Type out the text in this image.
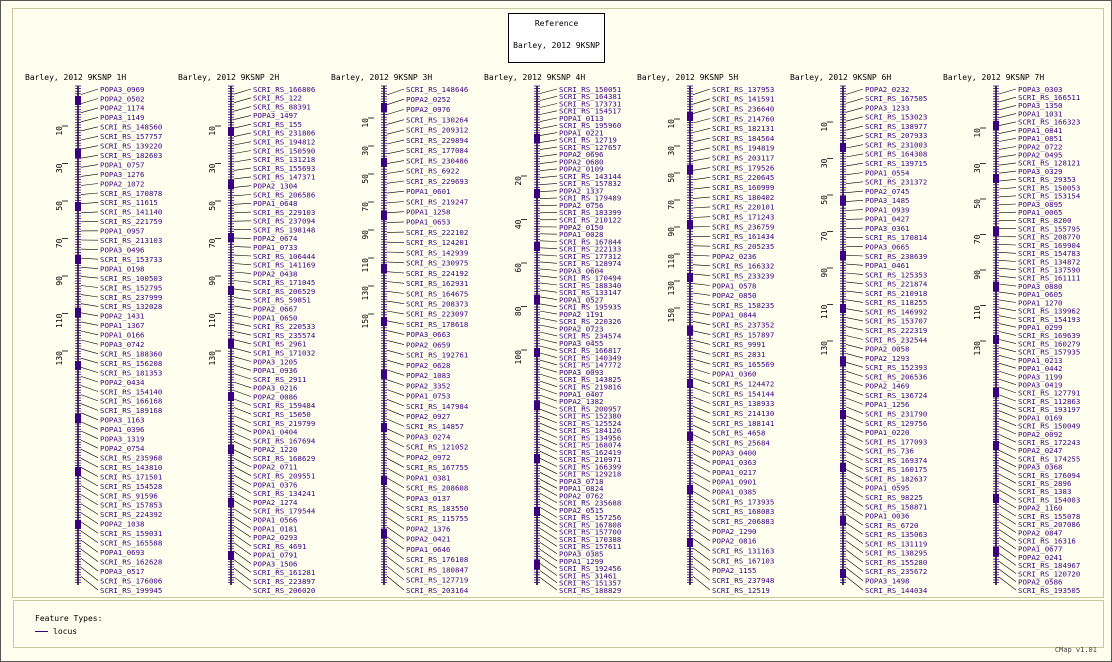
Reference
Barley, 2012 9KSNP
Barley, 2012 9KSNP 1H	Barley, 2012 9KSNP 2H	Barley, 2012 9KSNP 3H	Barley, 2012 9KSNP 4H	Barley, 2012 9KSNP 5H	Barley, 2012 9KSNP 6H	Barley, 2012 9KSNP 7H
10
30
50
70
90
110
130
POPA3_0969
POPA2_0502
POPA2_1174
POPA3_1149
SCRI_RS_148560
SCRI_RS_157757
SCRI_RS_139220
SCRI_RS_182603
POPA1_0757
POPA3_1276
POPA2_1072
SCRI_RS_170878
SCRI_RS_11615
SCRI_RS_141140
SCRI_RS_221759
POPA1_0957
SCRI_RS_213103
POPA3_0496
SCRI_RS_153733
POPA1_0198
SCRI_RS_100503
SCRI_RS_152795
SCRI_RS_237999
SCRI_RS_132028
POPA2_1431
POPA1_1367
POPA1_0166
POPA3_0742
SCRI_RS_188360
SCRI_RS_156208
SCRI_RS_181353
POPA2_0434
SCRI_RS_154140
SCRI_RS_166168
SCRI_RS_189168
POPA3_1163
POPA1_0396
POPA3_1319
POPA2_0754
SCRI_RS_235968
SCRI_RS_143810
SCRI_RS_171501
SCRI_RS_154528
SCRI_RS_91596
SCRI_RS_157853
SCRI_RS_224392
POPA2_1038
SCRI_RS_159031
SCRI_RS_165588
POPA1_0693
SCRI_RS_162628
POPA3_0517
SCRI_RS_176006
SCRI_RS_199945
10
30
50
70
90
110
130
SCRI_RS_166806
SCRI_RS_122
SCRI_RS_88391
POPA3_1497
SCRI_RS_155
SCRI_RS_231806
SCRI_RS_194812
SCRI_RS_150590
SCRI_RS_131218
SCRI_RS_155693
SCRI_RS_147371
POPA2_1304
SCRI_RS_206586
POPA1_0648
SCRI_RS_229103
SCRI_RS_237094
SCRI_RS_198148
POPA2_0674
POPA1_0733
SCRI_RS_106444
SCRI_RS_141169
POPA2_0438
SCRI_RS_171045
SCRI_RS_206529
SCRI_RS_59851
POPA2_0667
POPA1_0650
SCRI_RS_220533
SCRI_RS_235574
SCRI_RS_2961
SCRI_RS_171032
POPA3_1205
POPA1_0936
SCRI_RS_2911
POPA3_0216
POPA2_0086
SCRI_RS_159484
SCRI_RS_15050
SCRI_RS_219799
POPA1_0404
SCRI_RS_167694
POPA2_1220
SCRI_RS_168629
POPA2_0711
SCRI_RS_209551
POPA1_0376
SCRI_RS_134241
POPA2_1274
SCRI_RS_179544
POPA1_0566
POPA1_0181
POPA2_0293
SCRI_RS_4691
POPA1_0791
POPA3_1506
SCRI_RS_161281
SCRI_RS_223897
SCRI_RS_206020
10
30
50
70
90
110
130
150
SCRI_RS_148646
POPA2_0252
POPA2_0976
SCRI_RS_130264
SCRI_RS_209312
SCRI_RS_229894
SCRI_RS_177084
SCRI_RS_230486
SCRI_RS_6922
SCRI_RS_229693
POPA1_0601
SCRI_RS_219247
POPA1_1258
POPA1_0653
SCRI_RS_222102
SCRI_RS_124201
SCRI_RS_142939
SCRI_RS_230975
SCRI_RS_224192
SCRI_RS_162931
SCRI_RS_164675
SCRI_RS_208373
SCRI_RS_223097
SCRI_RS_178618
POPA3_0663
POPA2_0659
SCRI_RS_192761
POPA2_0628
POPA2_1083
POPA2_3352
POPA1_0753
SCRI_RS_147984
POPA2_0927
SCRI_RS_14857
POPA3_0274
SCRI_RS_121052
POPA2_0972
SCRI_RS_167755
POPA1_0381
SCRI_RS_208608
POPA3_0137
SCRI_RS_183550
SCRI_RS_115755
POPA2_1376
POPA2_0421
POPA1_0646
SCRI_RS_176108
SCRI_RS_180847
SCRI_RS_127719
SCRI_RS_203164
20
40
60
80
100
SCRI_RS_150051
SCRI_RS_164381
SCRI_RS_173731
SCRI_RS_154517
POPA1_0113
SCRI_RS_195960
POPA1_0221
SCRI_RS_12719
SCRI_RS_127657
POPA2_0696
POPA2_0680
POPA2_0109
SCRI_RS_143144
SCRI_RS_157832
POPA2_1337
SCRI_RS_179489
POPA2_0756
SCRI_RS_183399
SCRI_RS_210122
POPA2_0150
POPA1_0028
SCRI_RS_167844
SCRI_RS_222133
SCRI_RS_177312
SCRI_RS_128974
POPA3_0604
SCRI_RS_170494
SCRI_RS_188340
SCRI_RS_133147
POPA1_0527
SCRI_RS_195935
POPA2_1191
SCRI_RS_220326
POPA2_0723
SCRI_RS_234574
POPA3_0455
SCRI_RS_166817
SCRI_RS_140349
SCRI_RS_147772
POPA3_0093
SCRI_RS_143825
SCRI_RS_219816
POPA1_0407
POPA2_1382
SCRI_RS_200957
SCRI_RS_152380
SCRI_RS_125524
SCRI_RS_184126
SCRI_RS_134956
SCRI_RS_168074
SCRI_RS_162419
SCRI_RS_210971
SCRI_RS_166399
SCRI_RS_129218
POPA3_0718
POPA1_0824
POPA2_0762
SCRI_RS_235688
POPA2_0515
SCRI_RS_157256
SCRI_RS_167808
SCRI_RS_157700
SCRI_RS_170388
SCRI_RS_157611
POPA3_0385
POPA1_1299
SCRI_RS_192456
SCRI_RS_31461
SCRI_RS_151357
SCRI_RS_188829
10
30
50
70
90
110
130
150
SCRI_RS_137953
SCRI_RS_141591
SCRI_RS_236640
SCRI_RS_214760
SCRI_RS_182131
SCRI_RS_184564
SCRI_RS_194819
SCRI_RS_203117
SCRI_RS_179526
SCRI_RS_220645
SCRI_RS_160999
SCRI_RS_180402
SCRI_RS_220101
SCRI_RS_171243
SCRI_RS_236759
SCRI_RS_161434
SCRI_RS_205235
POPA2_0236
SCRI_RS_166332
SCRI_RS_233239
POPA1_0578
POPA2_0850
SCRI_RS_158235
POPA1_0844
SCRI_RS_237352
SCRI_RS_157897
SCRI_RS_9991
SCRI_RS_2831
SCRI_RS_165569
POPA1_0360
SCRI_RS_124472
SCRI_RS_154144
SCRI_RS_138933
SCRI_RS_214130
SCRI_RS_188141
SCRI_RS_4658
SCRI_RS_25684
POPA3_0400
POPA1_0363
POPA1_0217
POPA1_0901
POPA1_0385
SCRI_RS_173935
SCRI_RS_168083
SCRI_RS_206883
POPA2_1290
POPA2_0816
SCRI_RS_131163
SCRI_RS_167103
POPA2_1155
SCRI_RS_237948
SCRI_RS_12519
10
30
50
70
90
110
130
POPA2_0232
SCRI_RS_167505
POPA3_1233
SCRI_RS_153023
SCRI_RS_138977
SCRI_RS_207933
SCRI_RS_231003
SCRI_RS_164308
SCRI_RS_139715
POPA1_0554
SCRI_RS_231372
POPA2_0745
POPA3_1485
POPA1_0939
POPA1_0427
POPA3_0361
SCRI_RS_170814
POPA3_0665
SCRI_RS_238639
POPA1_0461
SCRI_RS_125353
SCRI_RS_221874
SCRI_RS_210918
SCRI_RS_118255
SCRI_RS_146992
SCRI_RS_153707
SCRI_RS_222319
SCRI_RS_232544
POPA2_0058
POPA2_1293
SCRI_RS_152393
SCRI_RS_206536
POPA2_1469
SCRI_RS_136724
POPA1_1256
SCRI_RS_231790
SCRI_RS_129756
POPA1_0220
SCRI_RS_177093
SCRI_RS_736
SCRI_RS_169374
SCRI_RS_160175
SCRI_RS_182637
POPA1_0595
SCRI_RS_98225
SCRI_RS_158871
POPA1_0036
SCRI_RS_6720
SCRI_RS_135063
SCRI_RS_131119
SCRI_RS_138295
SCRI_RS_155280
SCRI_RS_235672
POPA3_1498
SCRI_RS_144034
10
30
50
70
90
110
130
POPA3_0303
SCRI_RS_166511
POPA3_1350
POPA1_1031
SCRI_RS_166323
POPA1_0841
POPA1_0851
POPA2_0722
POPA2_0495
SCRI_RS_128121
POPA3_0329
SCRI_RS_29353
SCRI_RS_150053
SCRI_RS_153154
POPA3_0895
POPA1_0065
SCRI_RS_8200
SCRI_RS_155795
SCRI_RS_208770
SCRI_RS_169904
SCRI_RS_154783
SCRI_RS_134872
SCRI_RS_137590
SCRI_RS_161111
POPA3_0880
POPA1_0605
POPA1_1270
SCRI_RS_139962
SCRI_RS_154193
POPA1_0299
SCRI_RS_169639
SCRI_RS_160279
SCRI_RS_157935
POPA1_0213
POPA1_0442
POPA3_1199
POPA3_0419
SCRI_RS_127791
SCRI_RS_112863
SCRI_RS_193197
POPA1_0169
SCRI_RS_150049
POPA2_0092
SCRI_RS_172243
POPA2_0247
SCRI_RS_174255
POPA3_0368
SCRI_RS_176094
SCRI_RS_2896
SCRI_RS_1383
SCRI_RS_154003
POPA2_1160
SCRI_RS_155078
SCRI_RS_207086
POPA2_0847
SCRI_RS_16316
POPA1_0677
POPA2_0241
SCRI_RS_184967
SCRI_RS_120720
POPA2_0586
SCRI_RS_193505
Feature Types:
locus
CMap v1.01
